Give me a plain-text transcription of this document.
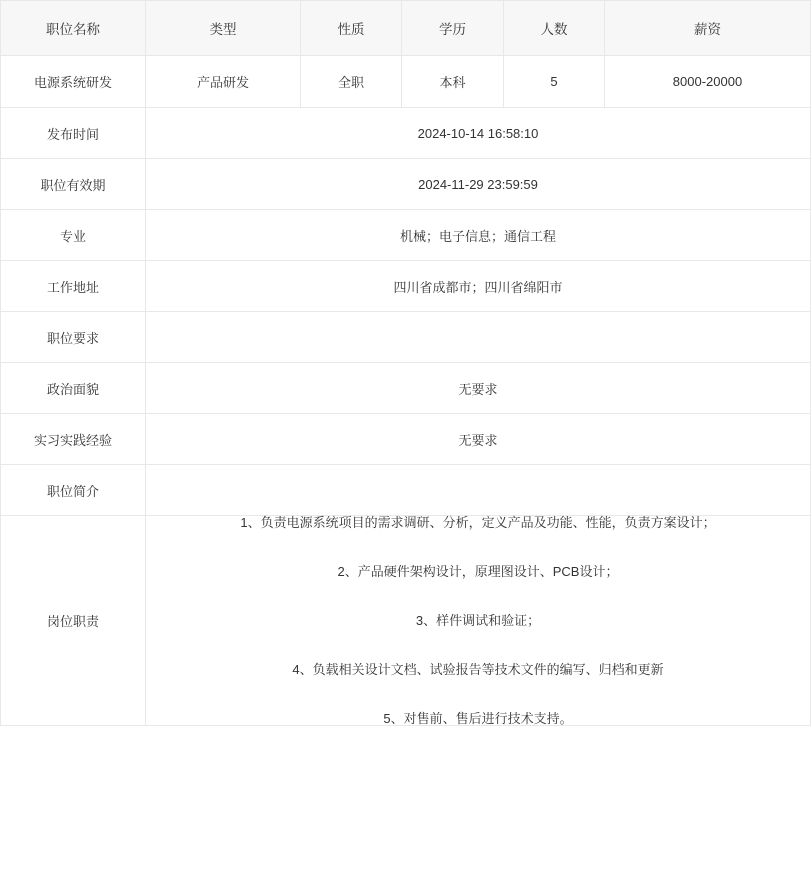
职位名称	类型	性质	学历	人数	薪资
电源系统研发	产品研发	全职	本科	5	8000-20000
发布时间	2024-10-14 16:58:10				
职位有效期	2024-11-29 23:59:59				
专业	机械；电子信息；通信工程				
工作地址	四川省成都市；四川省绵阳市				
职位要求					
政治面貌	无要求				
实习实践经验	无要求				
职位简介					
岗位职责	1、负责电源系统项目的需求调研、分析，定义产品及功能、性能，负责方案设计；

2、产品硬件架构设计，原理图设计、PCB设计；

3、样件调试和验证；

4、负载相关设计文档、试验报告等技术文件的编写、归档和更新

5、对售前、售后进行技术支持。				
